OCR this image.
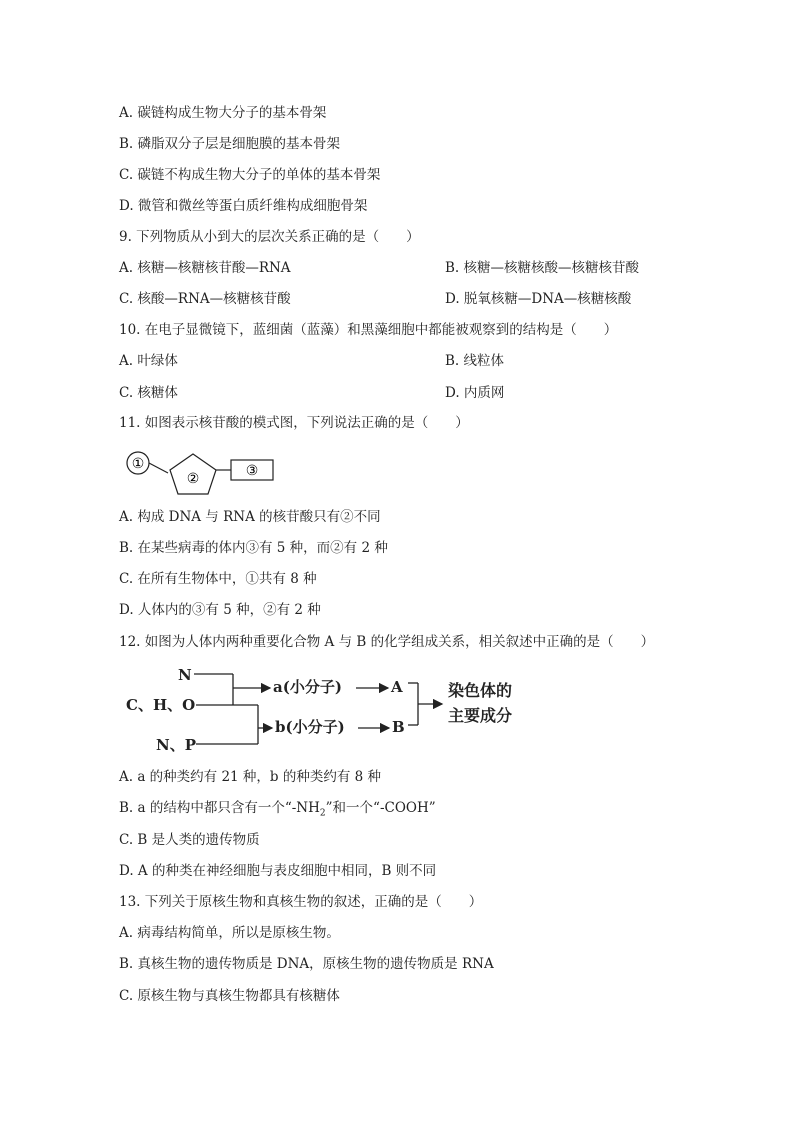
A. 碳链构成生物大分子的基本骨架
B. 磷脂双分子层是细胞膜的基本骨架
C. 碳链不构成生物大分子的单体的基本骨架
D. 微管和微丝等蛋白质纤维构成细胞骨架
9. 下列物质从小到大的层次关系正确的是（　　）
A. 核糖—核糖核苷酸—RNA	B. 核糖—核糖核酸—核糖核苷酸
C. 核酸—RNA—核糖核苷酸	D. 脱氧核糖—DNA—核糖核酸
10. 在电子显微镜下，蓝细菌（蓝藻）和黑藻细胞中都能被观察到的结构是（　　）
A. 叶绿体	B. 线粒体
C. 核糖体	D. 内质网
11. 如图表示核苷酸的模式图，下列说法正确的是（　　）
①
②	③
A. 构成 DNA 与 RNA 的核苷酸只有②不同
B. 在某些病毒的体内③有 5 种，而②有 2 种
C. 在所有生物体中，①共有 8 种
D. 人体内的③有 5 种，②有 2 种
12. 如图为人体内两种重要化合物 A 与 B 的化学组成关系，相关叙述中正确的是（　　）
N
C、H、O
N、P
a(小分子)
b(小分子)
A
B
染色体的
主要成分
A. a 的种类约有 21 种，b 的种类约有 8 种
B. a 的结构中都只含有一个“$-NH_2$”和一个“-COOH”
C. B 是人类的遗传物质
D. A 的种类在神经细胞与表皮细胞中相同，B 则不同
13. 下列关于原核生物和真核生物的叙述，正确的是（　　）
A. 病毒结构简单，所以是原核生物。
B. 真核生物的遗传物质是 DNA，原核生物的遗传物质是 RNA
C. 原核生物与真核生物都具有核糖体
